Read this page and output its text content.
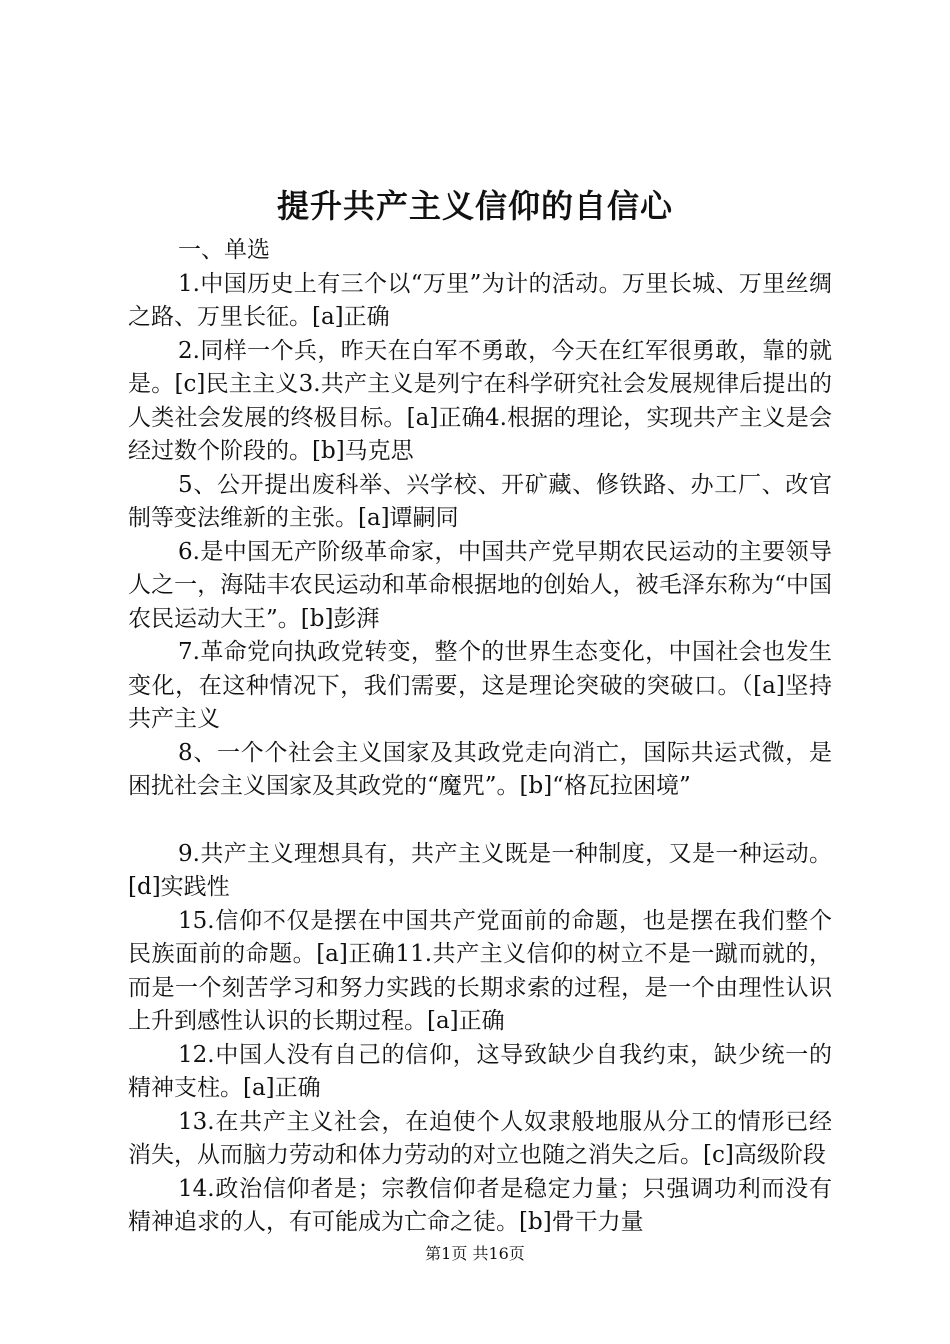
提升共产主义信仰的自信心

一、单选

1.中国历史上有三个以“万里”为计的活动。万里长城、万里丝绸之路、万里长征。[a]正确

2.同样一个兵，昨天在白军不勇敢，今天在红军很勇敢，靠的就是。[c]民主主义3.共产主义是列宁在科学研究社会发展规律后提出的人类社会发展的终极目标。[a]正确4.根据的理论，实现共产主义是会经过数个阶段的。[b]马克思

5、公开提出废科举、兴学校、开矿藏、修铁路、办工厂、改官制等变法维新的主张。[a]谭嗣同

6.是中国无产阶级革命家，中国共产党早期农民运动的主要领导人之一，海陆丰农民运动和革命根据地的创始人，被毛泽东称为“中国农民运动大王”。[b]彭湃

7.革命党向执政党转变，整个的世界生态变化，中国社会也发生变化，在这种情况下，我们需要，这是理论突破的突破口。（[a]坚持共产主义

8、一个个社会主义国家及其政党走向消亡，国际共运式微，是困扰社会主义国家及其政党的“魔咒”。[b]“格瓦拉困境”

9.共产主义理想具有，共产主义既是一种制度，又是一种运动。[d]实践性

15.信仰不仅是摆在中国共产党面前的命题，也是摆在我们整个民族面前的命题。[a]正确11.共产主义信仰的树立不是一蹴而就的，而是一个刻苦学习和努力实践的长期求索的过程，是一个由理性认识上升到感性认识的长期过程。[a]正确

12.中国人没有自己的信仰，这导致缺少自我约束，缺少统一的精神支柱。[a]正确

13.在共产主义社会，在迫使个人奴隶般地服从分工的情形已经消失，从而脑力劳动和体力劳动的对立也随之消失之后。[c]高级阶段

14.政治信仰者是；宗教信仰者是稳定力量；只强调功利而没有精神追求的人，有可能成为亡命之徒。[b]骨干力量

第1页 共16页
